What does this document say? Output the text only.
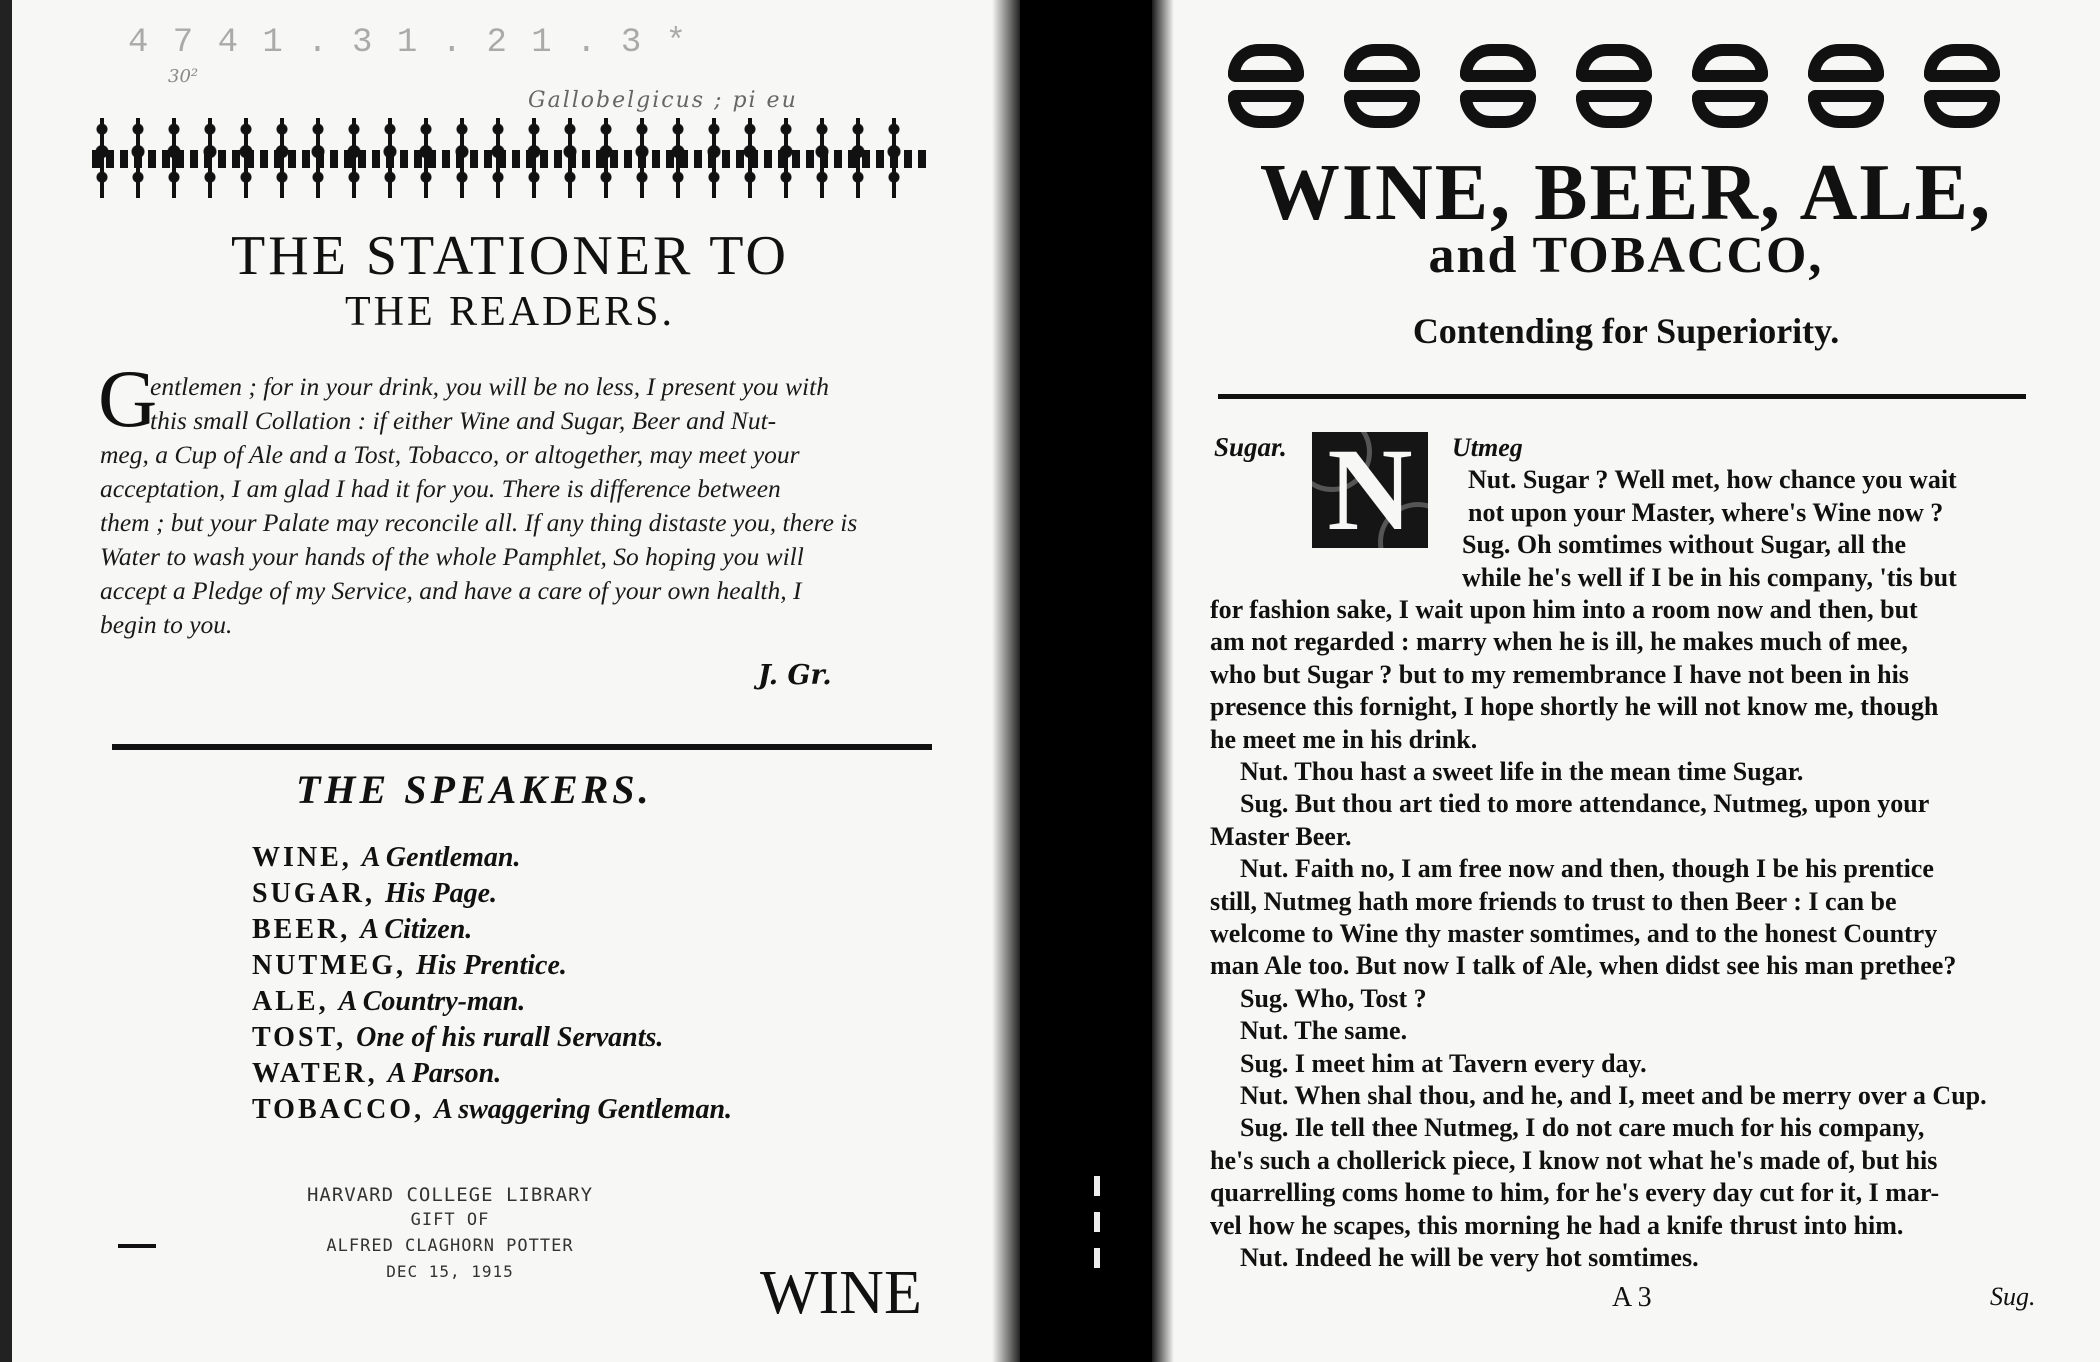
4 7 4 1 . 3 1 . 2 1 . 3 *
30²
Gallobelgicus ; pi eu
THE STATIONER TO
THE READERS.
G
entlemen ; for in your drink, you will be no less, I present you with
this small Collation : if either Wine and Sugar, Beer and Nut-
meg, a Cup of Ale and a Tost, Tobacco, or altogether, may meet your
acceptation, I am glad I had it for you. There is difference between
them ; but your Palate may reconcile all. If any thing distaste you, there is
Water to wash your hands of the whole Pamphlet, So hoping you will
accept a Pledge of my Service, and have a care of your own health, I
begin to you.
J. Gr.
THE SPEAKERS.
WINE, A Gentleman.
SUGAR, His Page.
BEER, A Citizen.
NUTMEG, His Prentice.
ALE, A Country-man.
TOST, One of his rurall Servants.
WATER, A Parson.
TOBACCO, A swaggering Gentleman.
HARVARD COLLEGE LIBRARY
GIFT OF
ALFRED CLAGHORN POTTER
DEC 15, 1915	WINE
WINE, BEER, ALE,
and TOBACCO,
Contending for Superiority.
Sugar. N	Utmeg
Nut. Sugar ? Well met, how chance you wait
not upon your Master, where's Wine now ?
Sug. Oh somtimes without Sugar, all the
while he's well if I be in his company, 'tis but
for fashion sake, I wait upon him into a room now and then, but
am not regarded : marry when he is ill, he makes much of mee,
who but Sugar ? but to my remembrance I have not been in his
presence this fornight, I hope shortly he will not know me, though
he meet me in his drink.
Nut. Thou hast a sweet life in the mean time Sugar.
Sug. But thou art tied to more attendance, Nutmeg, upon your
Master Beer.
Nut. Faith no, I am free now and then, though I be his prentice
still, Nutmeg hath more friends to trust to then Beer : I can be
welcome to Wine thy master somtimes, and to the honest Country
man Ale too. But now I talk of Ale, when didst see his man prethee?
Sug. Who, Tost ?
Nut. The same.
Sug. I meet him at Tavern every day.
Nut. When shal thou, and he, and I, meet and be merry over a Cup.
Sug. Ile tell thee Nutmeg, I do not care much for his company,
he's such a chollerick piece, I know not what he's made of, but his
quarrelling coms home to him, for he's every day cut for it, I mar-
vel how he scapes, this morning he had a knife thrust into him.
Nut. Indeed he will be very hot somtimes.
A 3	Sug.
